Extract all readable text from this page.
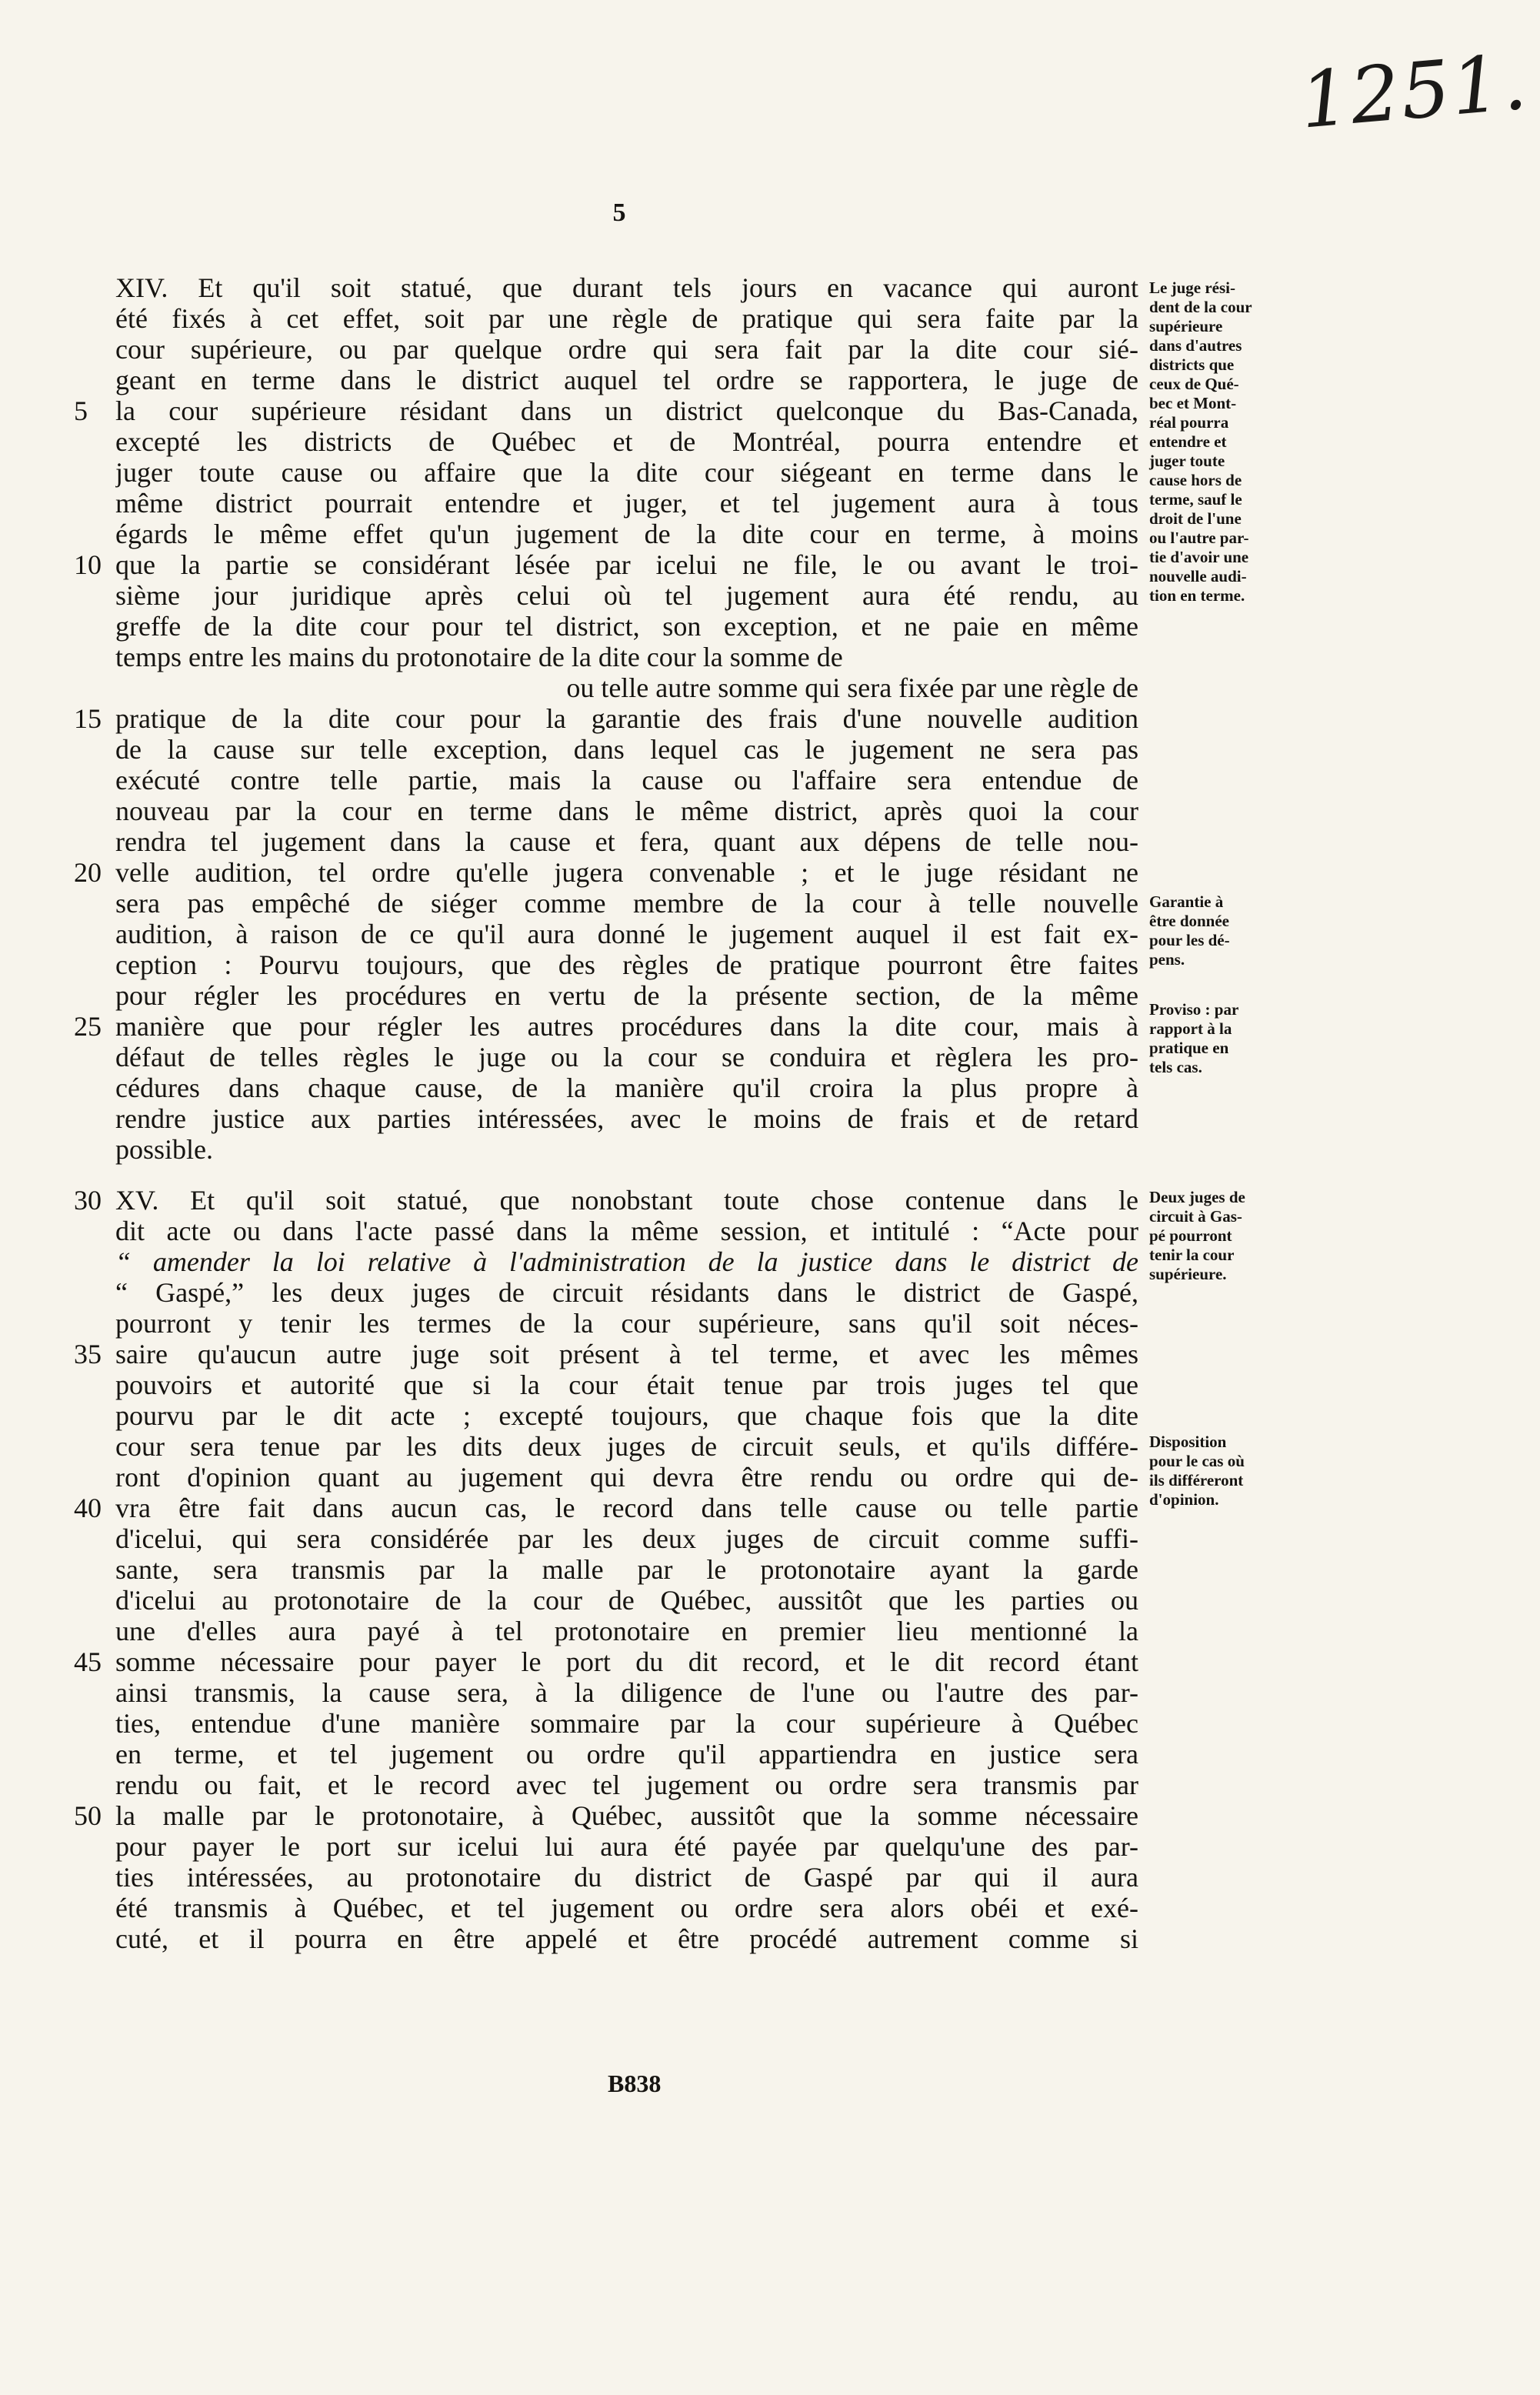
1251.
5
XIV. Et qu'il soit statué, que durant tels jours en vacance qui auront
été fixés à cet effet, soit par une règle de pratique qui sera faite par la
cour supérieure, ou par quelque ordre qui sera fait par la dite cour sié-
geant en terme dans le district auquel tel ordre se rapportera, le juge de
la cour supérieure résidant dans un district quelconque du Bas-Canada,
excepté les districts de Québec et de Montréal, pourra entendre et
juger toute cause ou affaire que la dite cour siégeant en terme dans le
même district pourrait entendre et juger, et tel jugement aura à tous
égards le même effet qu'un jugement de la dite cour en terme, à moins
que la partie se considérant lésée par icelui ne file, le ou avant le troi-
sième jour juridique après celui où tel jugement aura été rendu, au
greffe de la dite cour pour tel district, son exception, et ne paie en même
temps entre les mains du protonotaire de la dite cour la somme de
ou telle autre somme qui sera fixée par une règle de
pratique de la dite cour pour la garantie des frais d'une nouvelle audition
de la cause sur telle exception, dans lequel cas le jugement ne sera pas
exécuté contre telle partie, mais la cause ou l'affaire sera entendue de
nouveau par la cour en terme dans le même district, après quoi la cour
rendra tel jugement dans la cause et fera, quant aux dépens de telle nou-
velle audition, tel ordre qu'elle jugera convenable ; et le juge résidant ne
sera pas empêché de siéger comme membre de la cour à telle nouvelle
audition, à raison de ce qu'il aura donné le jugement auquel il est fait ex-
ception : Pourvu toujours, que des règles de pratique pourront être faites
pour régler les procédures en vertu de la présente section, de la même
manière que pour régler les autres procédures dans la dite cour, mais à
défaut de telles règles le juge ou la cour se conduira et règlera les pro-
cédures dans chaque cause, de la manière qu'il croira la plus propre à
rendre justice aux parties intéressées, avec le moins de frais et de retard
possible.
XV. Et qu'il soit statué, que nonobstant toute chose contenue dans le
dit acte ou dans l'acte passé dans la même session, et intitulé : “Acte pour
“ amender la loi relative à l'administration de la justice dans le district de
“ Gaspé,” les deux juges de circuit résidants dans le district de Gaspé,
pourront y tenir les termes de la cour supérieure, sans qu'il soit néces-
saire qu'aucun autre juge soit présent à tel terme, et avec les mêmes
pouvoirs et autorité que si la cour était tenue par trois juges tel que
pourvu par le dit acte ; excepté toujours, que chaque fois que la dite
cour sera tenue par les dits deux juges de circuit seuls, et qu'ils différe-
ront d'opinion quant au jugement qui devra être rendu ou ordre qui de-
vra être fait dans aucun cas, le record dans telle cause ou telle partie
d'icelui, qui sera considérée par les deux juges de circuit comme suffi-
sante, sera transmis par la malle par le protonotaire ayant la garde
d'icelui au protonotaire de la cour de Québec, aussitôt que les parties ou
une d'elles aura payé à tel protonotaire en premier lieu mentionné la
somme nécessaire pour payer le port du dit record, et le dit record étant
ainsi transmis, la cause sera, à la diligence de l'une ou l'autre des par-
ties, entendue d'une manière sommaire par la cour supérieure à Québec
en terme, et tel jugement ou ordre qu'il appartiendra en justice sera
rendu ou fait, et le record avec tel jugement ou ordre sera transmis par
la malle par le protonotaire, à Québec, aussitôt que la somme nécessaire
pour payer le port sur icelui lui aura été payée par quelqu'une des par-
ties intéressées, au protonotaire du district de Gaspé par qui il aura
été transmis à Québec, et tel jugement ou ordre sera alors obéi et exé-
cuté, et il pourra en être appelé et être procédé autrement comme si
5
10
15
20
25
30
35
40
45
50
Le juge rési-
dent de la cour
supérieure
dans d'autres
districts que
ceux de Qué-
bec et Mont-
réal pourra
entendre et
juger toute
cause hors de
terme, sauf le
droit de l'une
ou l'autre par-
tie d'avoir une
nouvelle audi-
tion en terme.
Garantie à
être donnée
pour les dé-
pens.
Proviso : par
rapport à la
pratique en
tels cas.
Deux juges de
circuit à Gas-
pé pourront
tenir la cour
supérieure.
Disposition
pour le cas où
ils différeront
d'opinion.
B838
